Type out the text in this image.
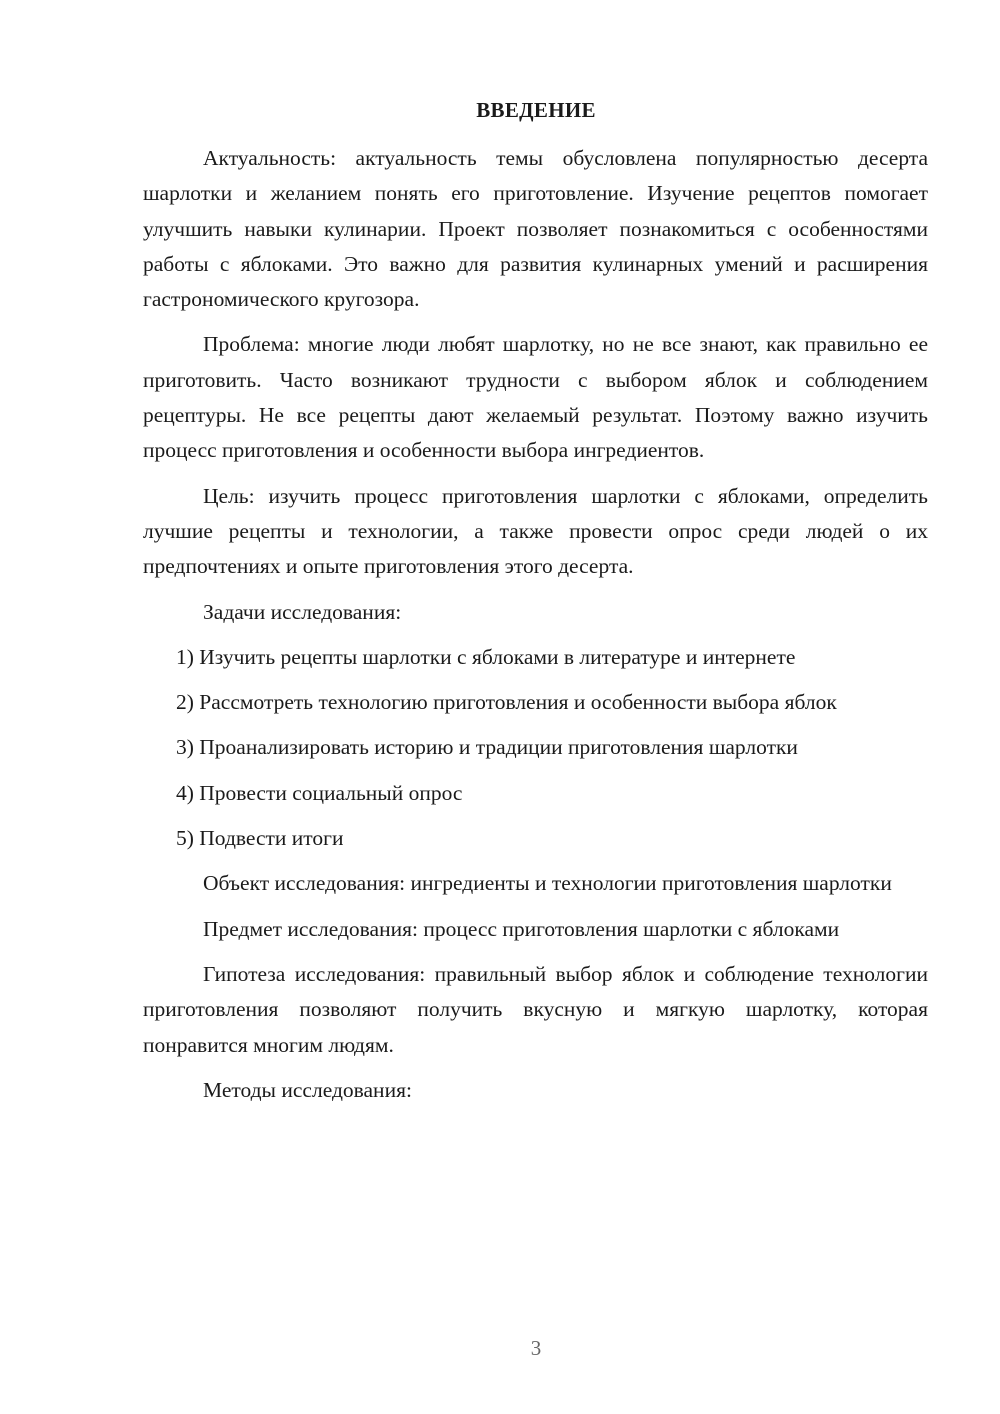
ВВЕДЕНИЕ

Актуальность: актуальность темы обусловлена популярностью десерта шарлотки и желанием понять его приготовление. Изучение рецептов помогает улучшить навыки кулинарии. Проект позволяет познакомиться с особенностями работы с яблоками. Это важно для развития кулинарных умений и расширения гастрономического кругозора.

Проблема: многие люди любят шарлотку, но не все знают, как правильно ее приготовить. Часто возникают трудности с выбором яблок и соблюдением рецептуры. Не все рецепты дают желаемый результат. Поэтому важно изучить процесс приготовления и особенности выбора ингредиентов.

Цель: изучить процесс приготовления шарлотки с яблоками, определить лучшие рецепты и технологии, а также провести опрос среди людей о их предпочтениях и опыте приготовления этого десерта.

Задачи исследования:

1) Изучить рецепты шарлотки с яблоками в литературе и интернете

2) Рассмотреть технологию приготовления и особенности выбора яблок

3) Проанализировать историю и традиции приготовления шарлотки

4) Провести социальный опрос

5) Подвести итоги

Объект исследования: ингредиенты и технологии приготовления шарлотки

Предмет исследования: процесс приготовления шарлотки с яблоками

Гипотеза исследования: правильный выбор яблок и соблюдение технологии приготовления позволяют получить вкусную и мягкую шарлотку, которая понравится многим людям.

Методы исследования:

3
